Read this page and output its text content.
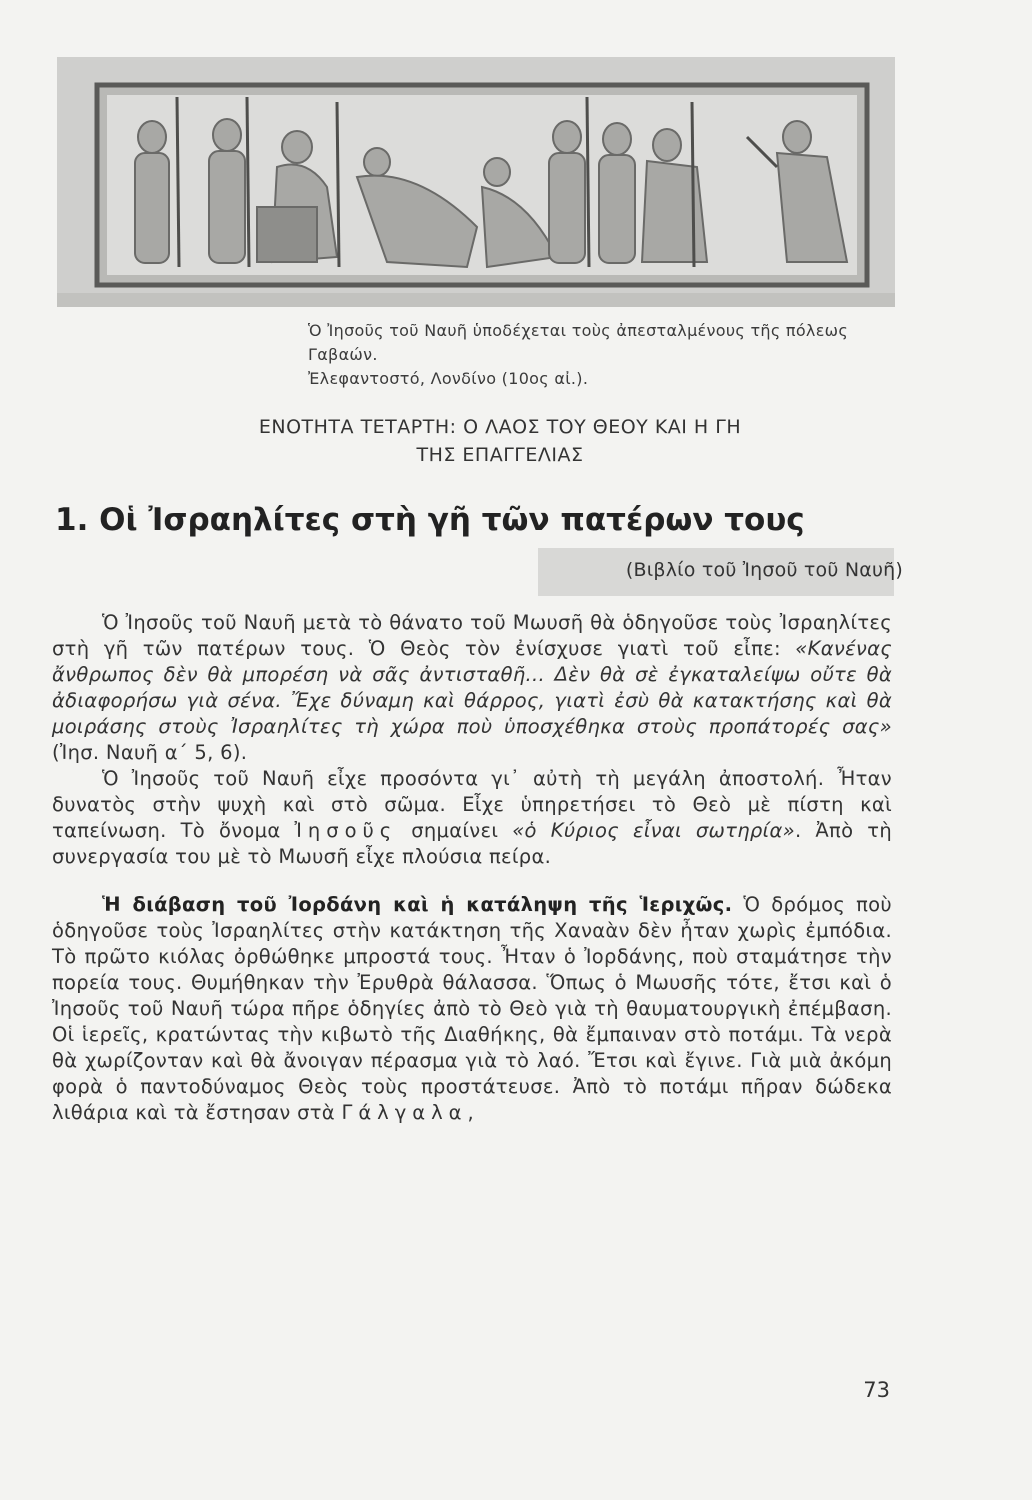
Ὁ Ἰησοῦς τοῦ Ναυῆ ὑποδέχεται τοὺς ἀπεσταλμένους τῆς πόλεως Γαβαών.
Ἐλεφαντοστό, Λονδίνο (10ος αἰ.).
ΕΝΟΤΗΤΑ ΤΕΤΑΡΤΗ: Ο ΛΑΟΣ ΤΟΥ ΘΕΟΥ ΚΑΙ Η ΓΗ
ΤΗΣ ΕΠΑΓΓΕΛΙΑΣ
1. Οἱ Ἰσραηλίτες στὴ γῆ τῶν πατέρων τους
(Βιβλίο τοῦ Ἰησοῦ τοῦ Ναυῆ)

Ὁ Ἰησοῦς τοῦ Ναυῆ μετὰ τὸ θάνατο τοῦ Μωυσῆ θὰ ὁδηγοῦσε τοὺς Ἰσραηλίτες στὴ γῆ τῶν πατέρων τους. Ὁ Θεὸς τὸν ἐνίσχυσε γιατὶ τοῦ εἶπε: «Κανένας ἄνθρωπος δὲν θὰ μπορέση νὰ σᾶς ἀντισταθῆ... Δὲν θὰ σὲ ἐγκαταλείψω οὔτε θὰ ἀδιαφορήσω γιὰ σένα. Ἔχε δύναμη καὶ θάρρος, γιατὶ ἐσὺ θὰ κατακτήσης καὶ θὰ μοιράσης στοὺς Ἰσραηλίτες τὴ χώρα ποὺ ὑποσχέθηκα στοὺς προπάτορές σας» (Ἰησ. Ναυῆ α´ 5, 6).

Ὁ Ἰησοῦς τοῦ Ναυῆ εἶχε προσόντα γι᾽ αὐτὴ τὴ μεγάλη ἀποστολή. Ἦταν δυνατὸς στὴν ψυχὴ καὶ στὸ σῶμα. Εἶχε ὑπηρετήσει τὸ Θεὸ μὲ πίστη καὶ ταπείνωση. Τὸ ὄνομα Ἰησοῦς σημαίνει «ὁ Κύριος εἶναι σωτηρία». Ἀπὸ τὴ συνεργασία του μὲ τὸ Μωυσῆ εἶχε πλούσια πείρα.

Ἡ διάβαση τοῦ Ἰορδάνη καὶ ἡ κατάληψη τῆς Ἱεριχῶς. Ὁ δρόμος ποὺ ὁδηγοῦσε τοὺς Ἰσραηλίτες στὴν κατάκτηση τῆς Χαναὰν δὲν ἦταν χωρὶς ἐμπόδια. Τὸ πρῶτο κιόλας ὀρθώθηκε μπροστά τους. Ἦταν ὁ Ἰορδάνης, ποὺ σταμάτησε τὴν πορεία τους. Θυμήθηκαν τὴν Ἐρυθρὰ θάλασσα. Ὅπως ὁ Μωυσῆς τότε, ἔτσι καὶ ὁ Ἰησοῦς τοῦ Ναυῆ τώρα πῆρε ὁδηγίες ἀπὸ τὸ Θεὸ γιὰ τὴ θαυματουργικὴ ἐπέμβαση. Οἱ ἱερεῖς, κρατώντας τὴν κιβωτὸ τῆς Διαθήκης, θὰ ἔμπαιναν στὸ ποτάμι. Τὰ νερὰ θὰ χωρίζονταν καὶ θὰ ἄνοιγαν πέρασμα γιὰ τὸ λαό. Ἔτσι καὶ ἔγινε. Γιὰ μιὰ ἀκόμη φορὰ ὁ παντοδύναμος Θεὸς τοὺς προστάτευσε. Ἀπὸ τὸ ποτάμι πῆραν δώδεκα λιθάρια καὶ τὰ ἔστησαν στὰ Γάλγαλα,

73
